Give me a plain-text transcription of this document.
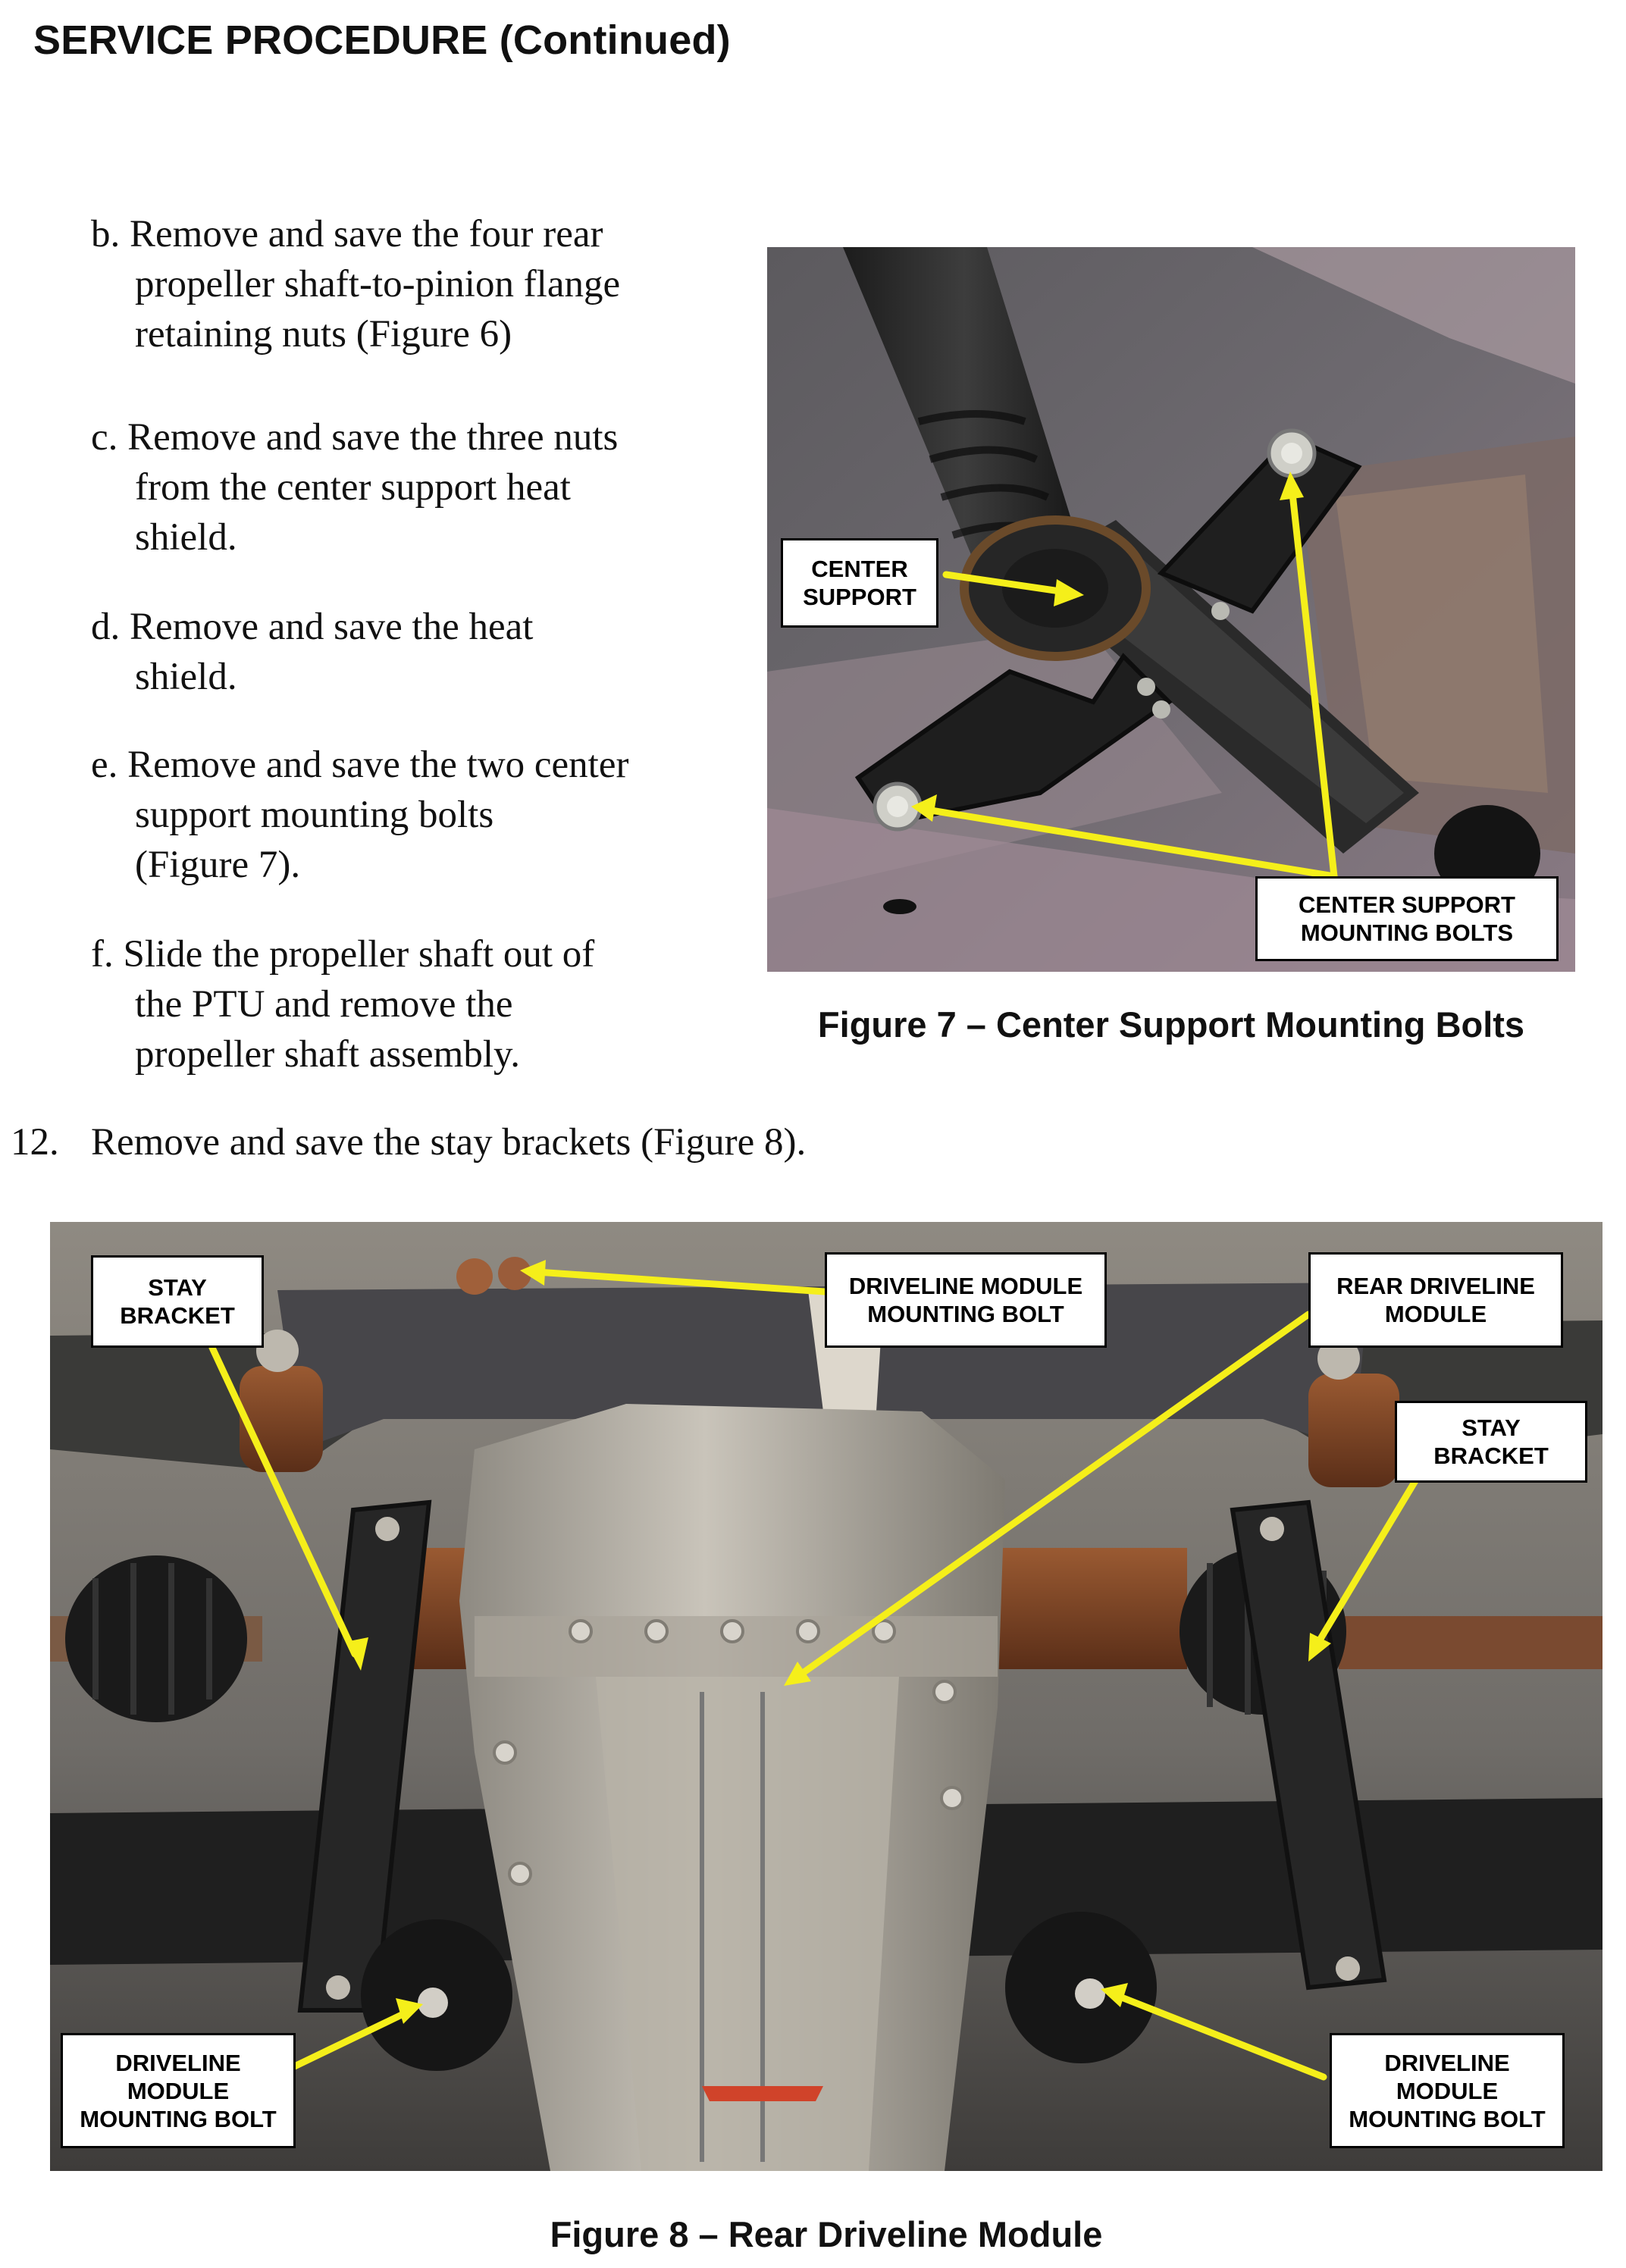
SERVICE PROCEDURE (Continued)
b. Remove and save the four rear
propeller shaft-to-pinion flange
retaining nuts (Figure 6)
c. Remove and save the three nuts
from the center support heat
shield.
d. Remove and save the heat
shield.
e. Remove and save the two center
support mounting bolts
(Figure 7).
f. Slide the propeller shaft out of
the PTU and remove the
propeller shaft assembly.
12. Remove and save the stay brackets (Figure 8).
CENTER
SUPPORT
CENTER SUPPORT
MOUNTING BOLTS
Figure 7 – Center Support Mounting Bolts
STAY
BRACKET
DRIVELINE MODULE
MOUNTING BOLT
REAR DRIVELINE
MODULE
STAY
BRACKET
DRIVELINE
MODULE
MOUNTING BOLT
DRIVELINE
MODULE
MOUNTING BOLT
Figure 8 – Rear Driveline Module
